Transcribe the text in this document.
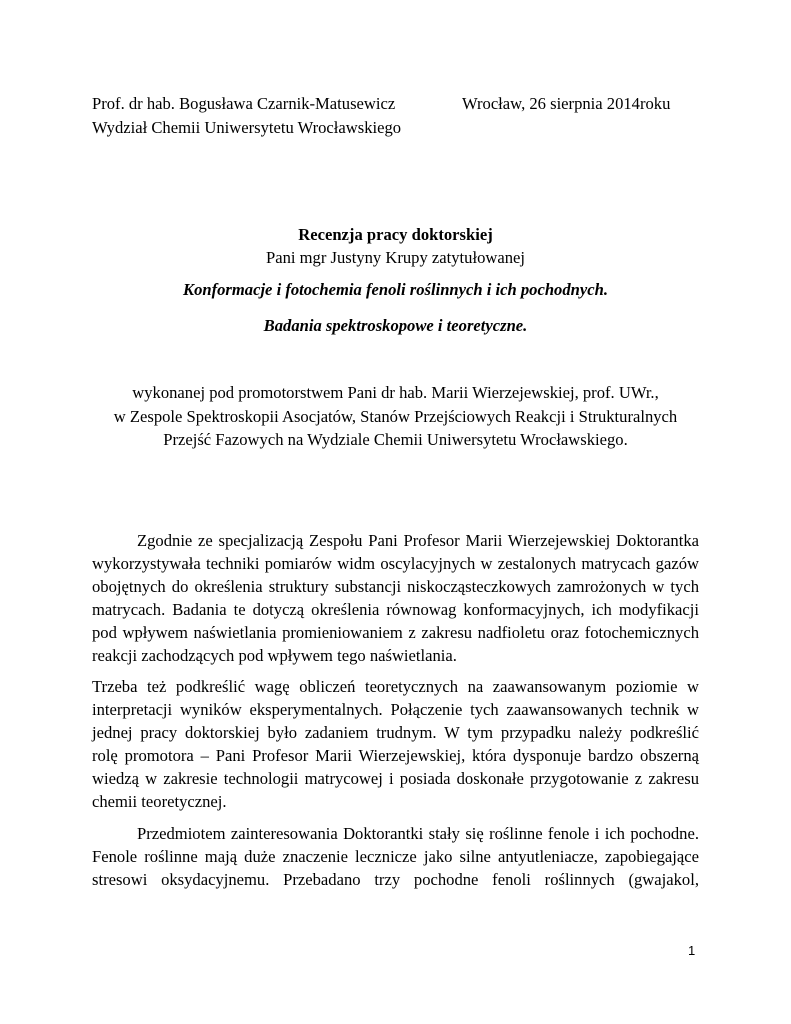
Prof. dr hab. Bogusława Czarnik-Matusewicz	Wrocław, 26 sierpnia 2014roku
Wydział Chemii Uniwersytetu Wrocławskiego
Recenzja pracy doktorskiej
Pani mgr Justyny Krupy zatytułowanej
Konformacje i fotochemia fenoli roślinnych i ich pochodnych.
Badania spektroskopowe i teoretyczne.
wykonanej pod promotorstwem Pani dr hab. Marii Wierzejewskiej, prof. UWr.,
w Zespole Spektroskopii Asocjatów, Stanów Przejściowych Reakcji i Strukturalnych
Przejść Fazowych na Wydziale Chemii Uniwersytetu Wrocławskiego.
Zgodnie ze specjalizacją Zespołu Pani Profesor Marii Wierzejewskiej Doktorantka
wykorzystywała techniki pomiarów widm oscylacyjnych w zestalonych matrycach gazów
obojętnych do określenia struktury substancji niskocząsteczkowych zamrożonych w tych
matrycach. Badania te dotyczą określenia równowag konformacyjnych, ich modyfikacji
pod wpływem naświetlania promieniowaniem z zakresu nadfioletu oraz fotochemicznych
reakcji zachodzących pod wpływem tego naświetlania.
Trzeba też podkreślić wagę obliczeń teoretycznych na zaawansowanym poziomie w
interpretacji wyników eksperymentalnych. Połączenie tych zaawansowanych technik w
jednej pracy doktorskiej było zadaniem trudnym. W tym przypadku należy podkreślić
rolę promotora – Pani Profesor Marii Wierzejewskiej, która dysponuje bardzo obszerną
wiedzą w zakresie technologii matrycowej i posiada doskonałe przygotowanie z zakresu
chemii teoretycznej.
Przedmiotem zainteresowania Doktorantki stały się roślinne fenole i ich pochodne.
Fenole roślinne mają duże znaczenie lecznicze jako silne antyutleniacze, zapobiegające
stresowi oksydacyjnemu. Przebadano trzy pochodne fenoli roślinnych (gwajakol,
1
